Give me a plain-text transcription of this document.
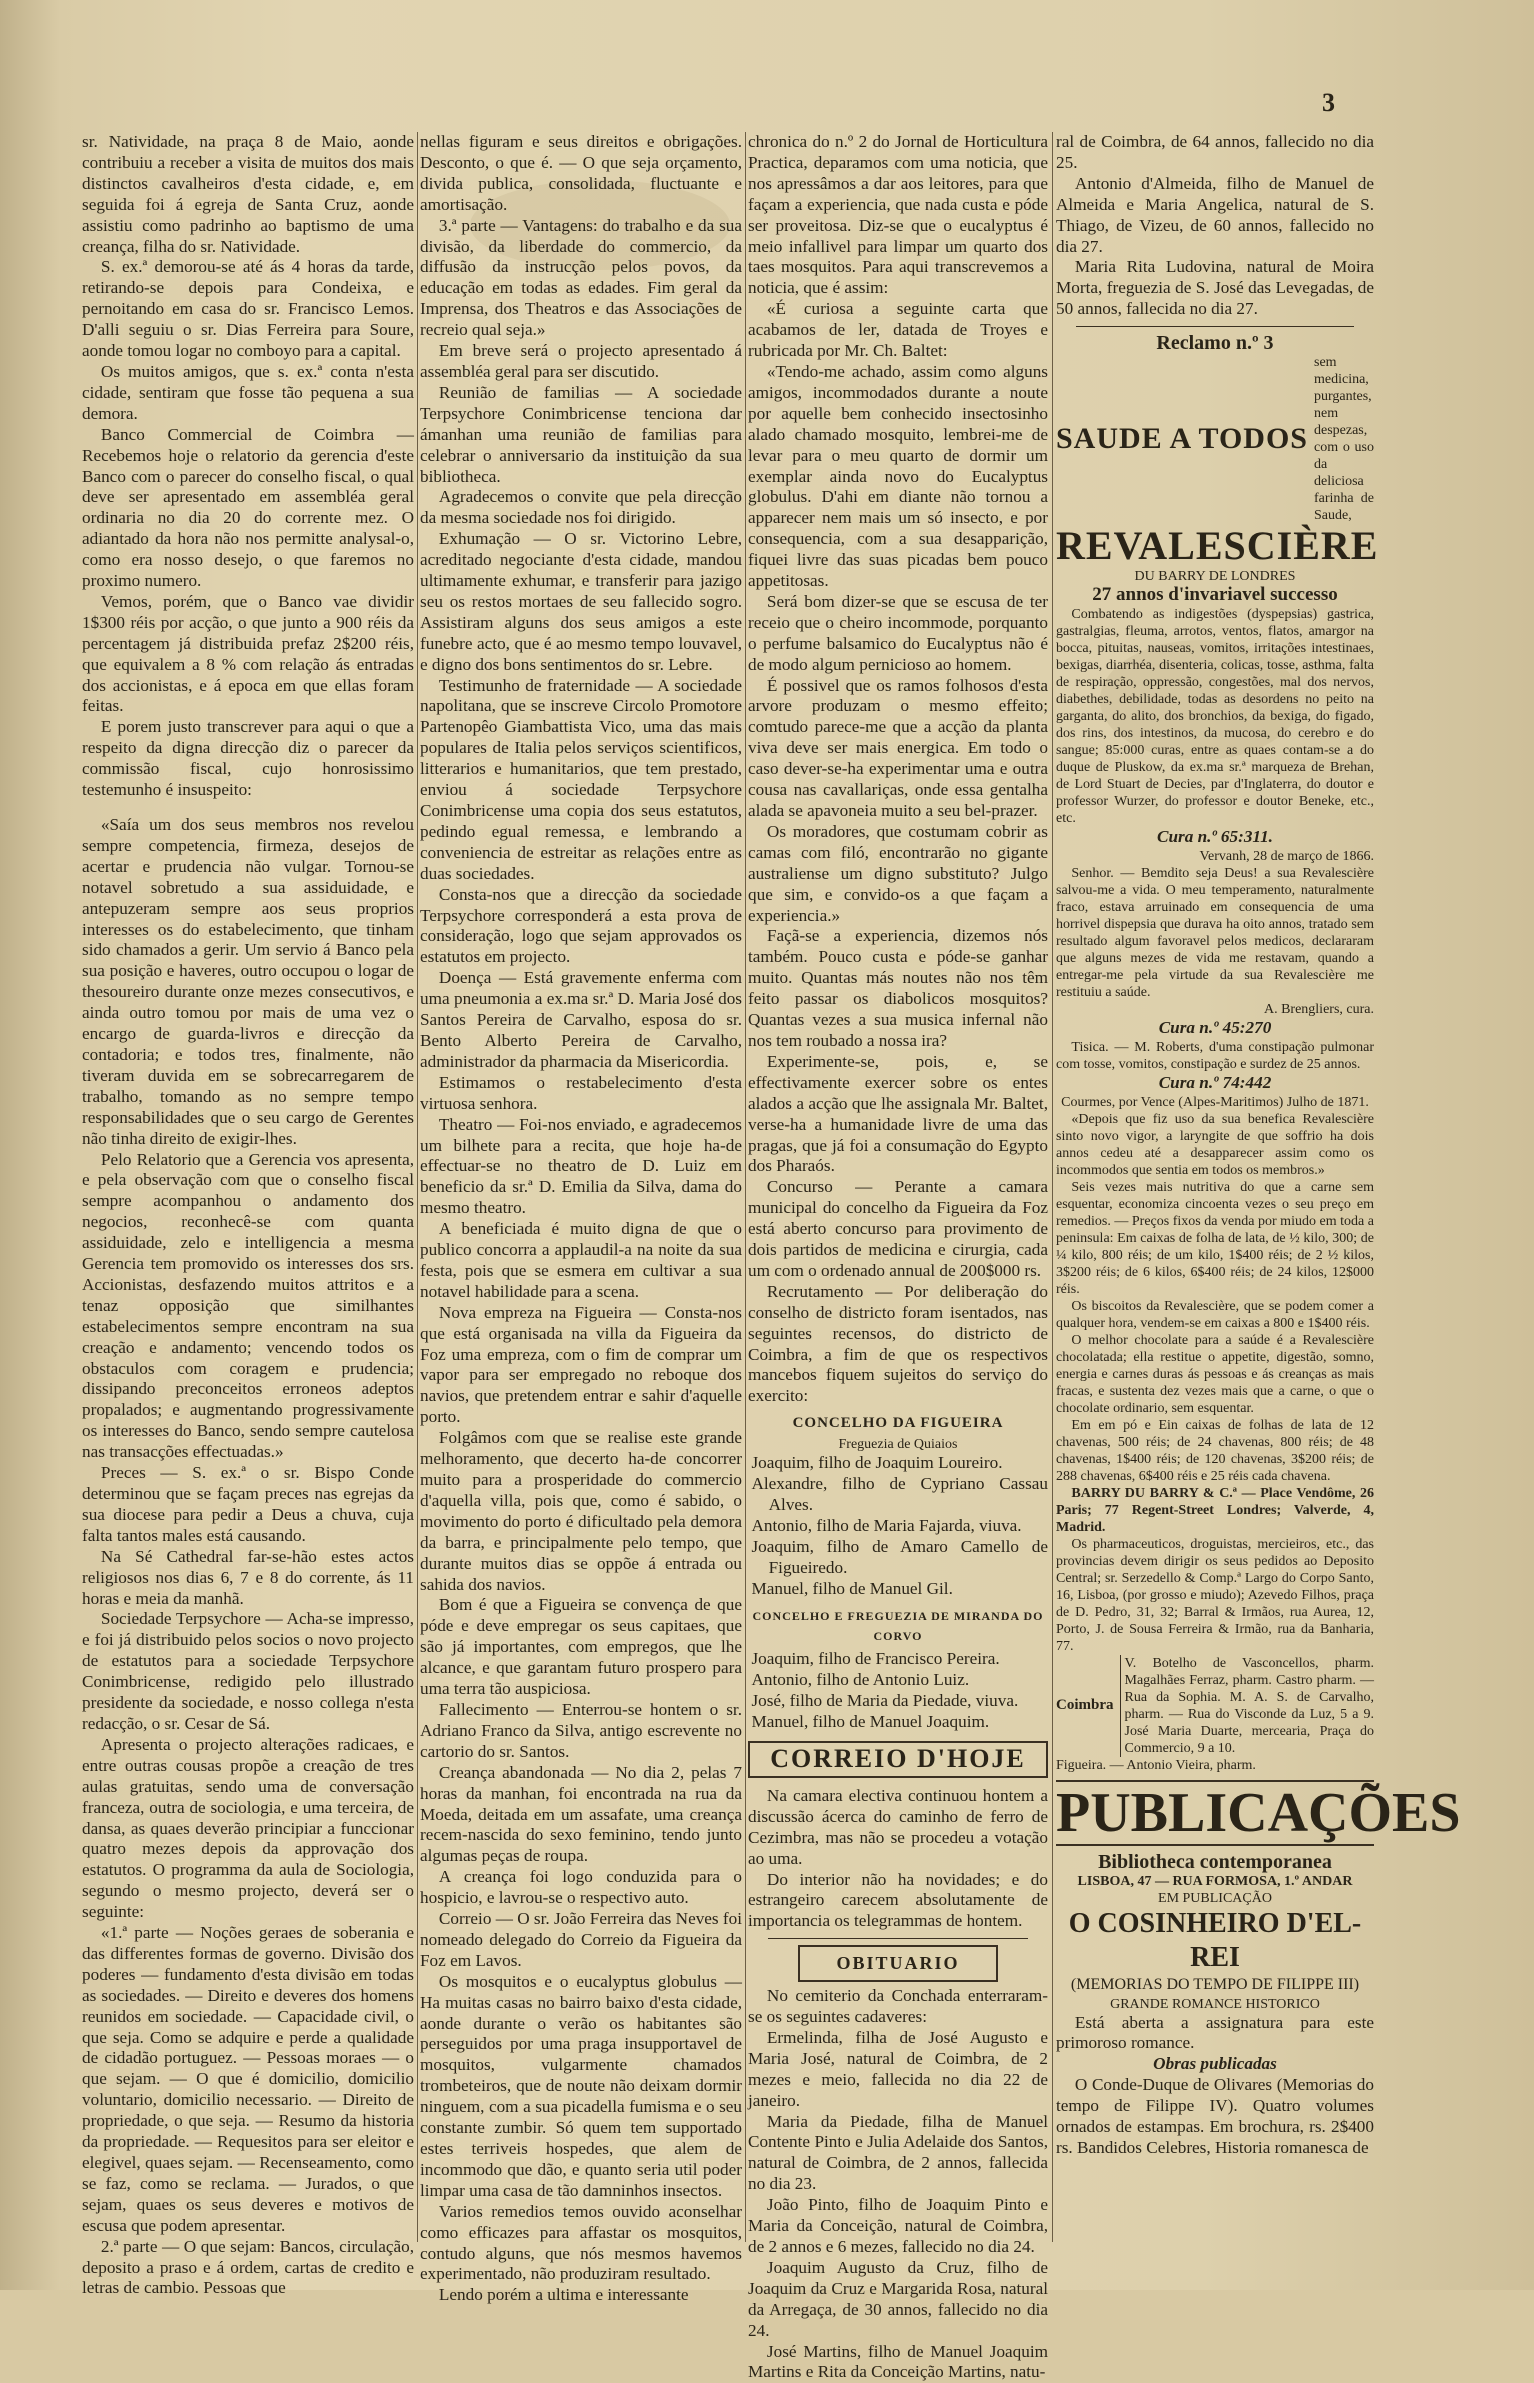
3

sr. Natividade, na praça 8 de Maio, aonde contribuiu a receber a visita de muitos dos mais distinctos cavalheiros d'esta cidade, e, em seguida foi á egreja de Santa Cruz, aonde assistiu como padrinho ao baptismo de uma creança, filha do sr. Natividade.

S. ex.ª demorou-se até ás 4 horas da tarde, retirando-se depois para Condeixa, e pernoitando em casa do sr. Francisco Lemos. D'alli seguiu o sr. Dias Ferreira para Soure, aonde tomou logar no comboyo para a capital.

Os muitos amigos, que s. ex.ª conta n'esta cidade, sentiram que fosse tão pequena a sua demora.

Banco Commercial de Coimbra — Recebemos hoje o relatorio da gerencia d'este Banco com o parecer do conselho fiscal, o qual deve ser apresentado em assembléa geral ordinaria no dia 20 do corrente mez. O adiantado da hora não nos permitte analysal-o, como era nosso desejo, o que faremos no proximo numero.

Vemos, porém, que o Banco vae dividir 1$300 réis por acção, o que junto a 900 réis da percentagem já distribuida prefaz 2$200 réis, que equivalem a 8 % com relação ás entradas dos accionistas, e á epoca em que ellas foram feitas.

E porem justo transcrever para aqui o que a respeito da digna direcção diz o parecer da commissão fiscal, cujo honrosissimo testemunho é insuspeito:

«Saía um dos seus membros nos revelou sempre competencia, firmeza, desejos de acertar e prudencia não vulgar. Tornou-se notavel sobretudo a sua assiduidade, e antepuzeram sempre aos seus proprios interesses os do estabelecimento, que tinham sido chamados a gerir. Um servio á Banco pela sua posição e haveres, outro occupou o logar de thesoureiro durante onze mezes consecutivos, e ainda outro tomou por mais de uma vez o encargo de guarda-livros e direcção da contadoria; e todos tres, finalmente, não tiveram duvida em se sobrecarregarem de trabalho, tomando as no sempre tempo responsabilidades que o seu cargo de Gerentes não tinha direito de exigir-lhes.

Pelo Relatorio que a Gerencia vos apresenta, e pela observação com que o conselho fiscal sempre acompanhou o andamento dos negocios, reconhecê-se com quanta assiduidade, zelo e intelligencia a mesma Gerencia tem promovido os interesses dos srs. Accionistas, desfazendo muitos attritos e a tenaz opposição que similhantes estabelecimentos sempre encontram na sua creação e andamento; vencendo todos os obstaculos com coragem e prudencia; dissipando preconceitos erroneos adeptos propalados; e augmentando progressivamente os interesses do Banco, sendo sempre cautelosa nas transacções effectuadas.»

Preces — S. ex.ª o sr. Bispo Conde determinou que se façam preces nas egrejas da sua diocese para pedir a Deus a chuva, cuja falta tantos males está causando.

Na Sé Cathedral far-se-hão estes actos religiosos nos dias 6, 7 e 8 do corrente, ás 11 horas e meia da manhã.

Sociedade Terpsychore — Acha-se impresso, e foi já distribuido pelos socios o novo projecto de estatutos para a sociedade Terpsychore Conimbricense, redigido pelo illustrado presidente da sociedade, e nosso collega n'esta redacção, o sr. Cesar de Sá.

Apresenta o projecto alterações radicaes, e entre outras cousas propõe a creação de tres aulas gratuitas, sendo uma de conversação franceza, outra de sociologia, e uma terceira, de dansa, as quaes deverão principiar a funccionar quatro mezes depois da approvação dos estatutos. O programma da aula de Sociologia, segundo o mesmo projecto, deverá ser o seguinte:

«1.ª parte — Noções geraes de soberania e das differentes formas de governo. Divisão dos poderes — fundamento d'esta divisão em todas as sociedades. — Direito e deveres dos homens reunidos em sociedade. — Capacidade civil, o que seja. Como se adquire e perde a qualidade de cidadão portuguez. — Pessoas moraes — o que sejam. — O que é domicilio, domicilio voluntario, domicilio necessario. — Direito de propriedade, o que seja. — Resumo da historia da propriedade. — Requesitos para ser eleitor e elegivel, quaes sejam. — Recenseamento, como se faz, como se reclama. — Jurados, o que sejam, quaes os seus deveres e motivos de escusa que podem apresentar.

2.ª parte — O que sejam: Bancos, circulação, deposito a praso e á ordem, cartas de credito e letras de cambio. Pessoas que

nellas figuram e seus direitos e obrigações. Desconto, o que é. — O que seja orçamento, divida publica, consolidada, fluctuante e amortisação.

3.ª parte — Vantagens: do trabalho e da sua divisão, da liberdade do commercio, da diffusão da instrucção pelos povos, da educação em todas as edades. Fim geral da Imprensa, dos Theatros e das Associações de recreio qual seja.»

Em breve será o projecto apresentado á assembléa geral para ser discutido.

Reunião de familias — A sociedade Terpsychore Conimbricense tenciona dar ámanhan uma reunião de familias para celebrar o anniversario da instituição da sua bibliotheca.

Agradecemos o convite que pela direcção da mesma sociedade nos foi dirigido.

Exhumação — O sr. Victorino Lebre, acreditado negociante d'esta cidade, mandou ultimamente exhumar, e transferir para jazigo seu os restos mortaes de seu fallecido sogro. Assistiram alguns dos seus amigos a este funebre acto, que é ao mesmo tempo louvavel, e digno dos bons sentimentos do sr. Lebre.

Testimunho de fraternidade — A sociedade napolitana, que se inscreve Circolo Promotore Partenopêo Giambattista Vico, uma das mais populares de Italia pelos serviços scientificos, litterarios e humanitarios, que tem prestado, enviou á sociedade Terpsychore Conimbricense uma copia dos seus estatutos, pedindo egual remessa, e lembrando a conveniencia de estreitar as relações entre as duas sociedades.

Consta-nos que a direcção da sociedade Terpsychore corresponderá a esta prova de consideração, logo que sejam approvados os estatutos em projecto.

Doença — Está gravemente enferma com uma pneumonia a ex.ma sr.ª D. Maria José dos Santos Pereira de Carvalho, esposa do sr. Bento Alberto Pereira de Carvalho, administrador da pharmacia da Misericordia.

Estimamos o restabelecimento d'esta virtuosa senhora.

Theatro — Foi-nos enviado, e agradecemos um bilhete para a recita, que hoje ha-de effectuar-se no theatro de D. Luiz em beneficio da sr.ª D. Emilia da Silva, dama do mesmo theatro.

A beneficiada é muito digna de que o publico concorra a applaudil-a na noite da sua festa, pois que se esmera em cultivar a sua notavel habilidade para a scena.

Nova empreza na Figueira — Consta-nos que está organisada na villa da Figueira da Foz uma empreza, com o fim de comprar um vapor para ser empregado no reboque dos navios, que pretendem entrar e sahir d'aquelle porto.

Folgâmos com que se realise este grande melhoramento, que decerto ha-de concorrer muito para a prosperidade do commercio d'aquella villa, pois que, como é sabido, o movimento do porto é dificultado pela demora da barra, e principalmente pelo tempo, que durante muitos dias se oppõe á entrada ou sahida dos navios.

Bom é que a Figueira se convença de que póde e deve empregar os seus capitaes, que são já importantes, com empregos, que lhe alcance, e que garantam futuro prospero para uma terra tão auspiciosa.

Fallecimento — Enterrou-se hontem o sr. Adriano Franco da Silva, antigo escrevente no cartorio do sr. Santos.

Creança abandonada — No dia 2, pelas 7 horas da manhan, foi encontrada na rua da Moeda, deitada em um assafate, uma creança recem-nascida do sexo feminino, tendo junto algumas peças de roupa.

A creança foi logo conduzida para o hospicio, e lavrou-se o respectivo auto.

Correio — O sr. João Ferreira das Neves foi nomeado delegado do Correio da Figueira da Foz em Lavos.

Os mosquitos e o eucalyptus globulus — Ha muitas casas no bairro baixo d'esta cidade, aonde durante o verão os habitantes são perseguidos por uma praga insupportavel de mosquitos, vulgarmente chamados trombeteiros, que de noute não deixam dormir ninguem, com a sua picadella fumisma e o seu constante zumbir. Só quem tem supportado estes terriveis hospedes, que alem de incommodo que dão, e quanto seria util poder limpar uma casa de tão damninhos insectos.

Varios remedios temos ouvido aconselhar como efficazes para affastar os mosquitos, contudo alguns, que nós mesmos havemos experimentado, não produziram resultado.

Lendo porém a ultima e interessante

chronica do n.º 2 do Jornal de Horticultura Practica, deparamos com uma noticia, que nos apressâmos a dar aos leitores, para que façam a experiencia, que nada custa e póde ser proveitosa. Diz-se que o eucalyptus é meio infallivel para limpar um quarto dos taes mosquitos. Para aqui transcrevemos a noticia, que é assim:

«É curiosa a seguinte carta que acabamos de ler, datada de Troyes e rubricada por Mr. Ch. Baltet:

«Tendo-me achado, assim como alguns amigos, incommodados durante a noute por aquelle bem conhecido insectosinho alado chamado mosquito, lembrei-me de levar para o meu quarto de dormir um exemplar ainda novo do Eucalyptus globulus. D'ahi em diante não tornou a apparecer nem mais um só insecto, e por consequencia, com a sua desapparição, fiquei livre das suas picadas bem pouco appetitosas.

Será bom dizer-se que se escusa de ter receio que o cheiro incommode, porquanto o perfume balsamico do Eucalyptus não é de modo algum pernicioso ao homem.

É possivel que os ramos folhosos d'esta arvore produzam o mesmo effeito; comtudo parece-me que a acção da planta viva deve ser mais energica. Em todo o caso dever-se-ha experimentar uma e outra cousa nas cavallariças, onde essa gentalha alada se apavoneia muito a seu bel-prazer.

Os moradores, que costumam cobrir as camas com filó, encontrarão no gigante australiense um digno substituto? Julgo que sim, e convido-os a que façam a experiencia.»

Façã-se a experiencia, dizemos nós também. Pouco custa e póde-se ganhar muito. Quantas más noutes não nos têm feito passar os diabolicos mosquitos? Quantas vezes a sua musica infernal não nos tem roubado a nossa ira?

Experimente-se, pois, e, se effectivamente exercer sobre os entes alados a acção que lhe assignala Mr. Baltet, verse-ha a humanidade livre de uma das pragas, que já foi a consumação do Egypto dos Pharaós.

Concurso — Perante a camara municipal do concelho da Figueira da Foz está aberto concurso para provimento de dois partidos de medicina e cirurgia, cada um com o ordenado annual de 200$000 rs.

Recrutamento — Por deliberação do conselho de districto foram isentados, nas seguintes recensos, do districto de Coimbra, a fim de que os respectivos mancebos fiquem sujeitos do serviço do exercito:

CONCELHO DA FIGUEIRA
Freguezia de Quiaios

Joaquim, filho de Joaquim Loureiro.

Alexandre, filho de Cypriano Cassau Alves.

Antonio, filho de Maria Fajarda, viuva.

Joaquim, filho de Amaro Camello de Figueiredo.

Manuel, filho de Manuel Gil.

CONCELHO E FREGUEZIA DE MIRANDA DO CORVO

Joaquim, filho de Francisco Pereira.

Antonio, filho de Antonio Luiz.

José, filho de Maria da Piedade, viuva.

Manuel, filho de Manuel Joaquim.

CORREIO D'HOJE

Na camara electiva continuou hontem a discussão ácerca do caminho de ferro de Cezimbra, mas não se procedeu a votação ao uma.

Do interior não ha novidades; e do estrangeiro carecem absolutamente de importancia os telegrammas de hontem.

OBITUARIO

No cemiterio da Conchada enterraram-se os seguintes cadaveres:

Ermelinda, filha de José Augusto e Maria José, natural de Coimbra, de 2 mezes e meio, fallecida no dia 22 de janeiro.

Maria da Piedade, filha de Manuel Contente Pinto e Julia Adelaide dos Santos, natural de Coimbra, de 2 annos, fallecida no dia 23.

João Pinto, filho de Joaquim Pinto e Maria da Conceição, natural de Coimbra, de 2 annos e 6 mezes, fallecido no dia 24.

Joaquim Augusto da Cruz, filho de Joaquim da Cruz e Margarida Rosa, natural da Arregaça, de 30 annos, fallecido no dia 24.

José Martins, filho de Manuel Joaquim Martins e Rita da Conceição Martins, natu-

ral de Coimbra, de 64 annos, fallecido no dia 25.

Antonio d'Almeida, filho de Manuel de Almeida e Maria Angelica, natural de S. Thiago, de Vizeu, de 60 annos, fallecido no dia 27.

Maria Rita Ludovina, natural de Moira Morta, freguezia de S. José das Levegadas, de 50 annos, fallecida no dia 27.

Reclamo n.º 3
SAUDE A TODOS
sem medicina, purgantes, nem despezas, com o uso da deliciosa farinha de Saude,
REVALESCIÈRE
DU BARRY DE LONDRES
27 annos d'invariavel successo

Combatendo as indigestões (dyspepsias) gastrica, gastralgias, fleuma, arrotos, ventos, flatos, amargor na bocca, pituitas, nauseas, vomitos, irritações intestinaes, bexigas, diarrhéa, disenteria, colicas, tosse, asthma, falta de respiração, oppressão, congestões, mal dos nervos, diabethes, debilidade, todas as desordens no peito na garganta, do alito, dos bronchios, da bexiga, do figado, dos rins, dos intestinos, da mucosa, do cerebro e do sangue; 85:000 curas, entre as quaes contam-se a do duque de Pluskow, da ex.ma sr.ª marqueza de Brehan, de Lord Stuart de Decies, par d'Inglaterra, do doutor e professor Wurzer, do professor e doutor Beneke, etc., etc.

Cura n.º 65:311.
Vervanh, 28 de março de 1866.

Senhor. — Bemdito seja Deus! a sua Revalescière salvou-me a vida. O meu temperamento, naturalmente fraco, estava arruinado em consequencia de uma horrivel dispepsia que durava ha oito annos, tratado sem resultado algum favoravel pelos medicos, declararam que alguns mezes de vida me restavam, quando a entregar-me pela virtude da sua Revalescière me restituiu a saúde.

A. Brengliers, cura.
Cura n.º 45:270

Tisica. — M. Roberts, d'uma constipação pulmonar com tosse, vomitos, constipação e surdez de 25 annos.

Cura n.º 74:442
Courmes, por Vence (Alpes-Maritimos) Julho de 1871.

«Depois que fiz uso da sua benefica Revalescière sinto novo vigor, a laryngite de que soffrio ha dois annos cedeu até a desapparecer assim como os incommodos que sentia em todos os membros.»

Seis vezes mais nutritiva do que a carne sem esquentar, economiza cincoenta vezes o seu preço em remedios. — Preços fixos da venda por miudo em toda a peninsula: Em caixas de folha de lata, de ½ kilo, 300; de ¼ kilo, 800 réis; de um kilo, 1$400 réis; de 2 ½ kilos, 3$200 réis; de 6 kilos, 6$400 réis; de 24 kilos, 12$000 réis.

Os biscoitos da Revalescière, que se podem comer a qualquer hora, vendem-se em caixas a 800 e 1$400 réis.

O melhor chocolate para a saúde é a Revalescière chocolatada; ella restitue o appetite, digestão, somno, energia e carnes duras ás pessoas e ás creanças as mais fracas, e sustenta dez vezes mais que a carne, o que o chocolate ordinario, sem esquentar.

Em em pó e Ein caixas de folhas de lata de 12 chavenas, 500 réis; de 24 chavenas, 800 réis; de 48 chavenas, 1$400 réis; de 120 chavenas, 3$200 réis; de 288 chavenas, 6$400 réis e 25 réis cada chavena.

BARRY DU BARRY & C.ª — Place Vendôme, 26 Paris; 77 Regent-Street Londres; Valverde, 4, Madrid.

Os pharmaceuticos, droguistas, mercieiros, etc., das provincias devem dirigir os seus pedidos ao Deposito Central; sr. Serzedello & Comp.ª Largo do Corpo Santo, 16, Lisboa, (por grosso e miudo); Azevedo Filhos, praça de D. Pedro, 31, 32; Barral & Irmãos, rua Aurea, 12, Porto, J. de Sousa Ferreira & Irmão, rua da Banharia, 77.

Coimbra
V. Botelho de Vasconcellos, pharm. Magalhães Ferraz, pharm. Castro pharm. — Rua da Sophia. M. A. S. de Carvalho, pharm. — Rua do Visconde da Luz, 5 a 9. José Maria Duarte, mercearia, Praça do Commercio, 9 a 10.
Figueira. — Antonio Vieira, pharm.
PUBLICAÇÕES
Bibliotheca contemporanea
LISBOA, 47 — RUA FORMOSA, 1.º ANDAR
EM PUBLICAÇÃO
O COSINHEIRO D'EL-REI
(MEMORIAS DO TEMPO DE FILIPPE III)
GRANDE ROMANCE HISTORICO

Está aberta a assignatura para este primoroso romance.

Obras publicadas

O Conde-Duque de Olivares (Memorias do tempo de Filippe IV). Quatro volumes ornados de estampas. Em brochura, rs. 2$400 rs. Bandidos Celebres, Historia romanesca de
